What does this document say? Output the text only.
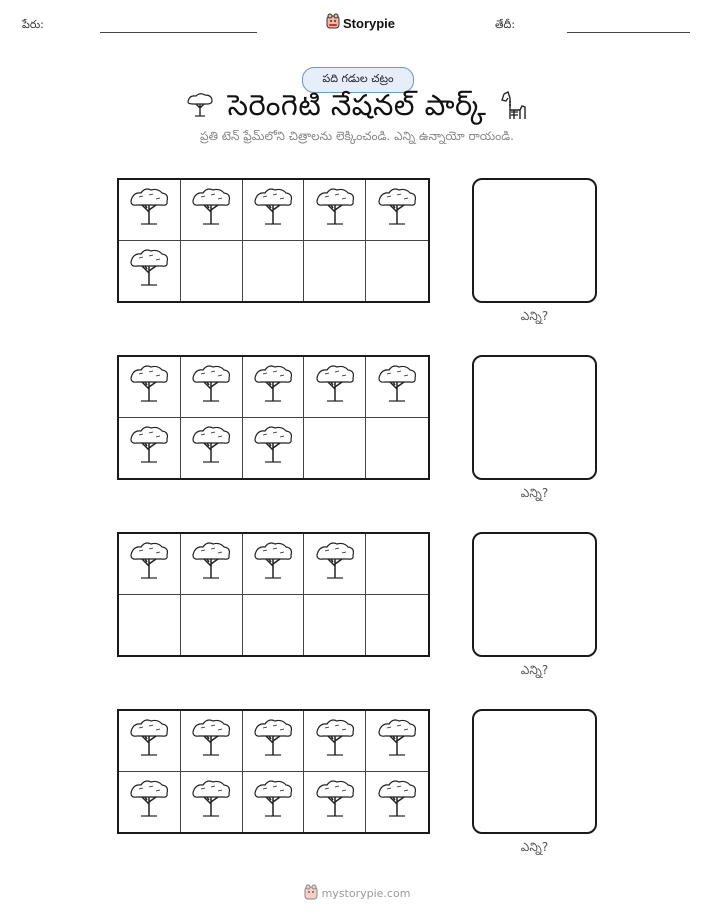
పేరు:	Storypie	తేదీ:
పది గడుల చట్రం
సెరెంగెటి నేషనల్ పార్క్
ప్రతి టెన్ ఫ్రేమ్‌లోని చిత్రాలను లెక్కించండి. ఎన్ని ఉన్నాయో రాయండి.
ఎన్ని?
ఎన్ని?
ఎన్ని?
ఎన్ని?
mystorypie.com
